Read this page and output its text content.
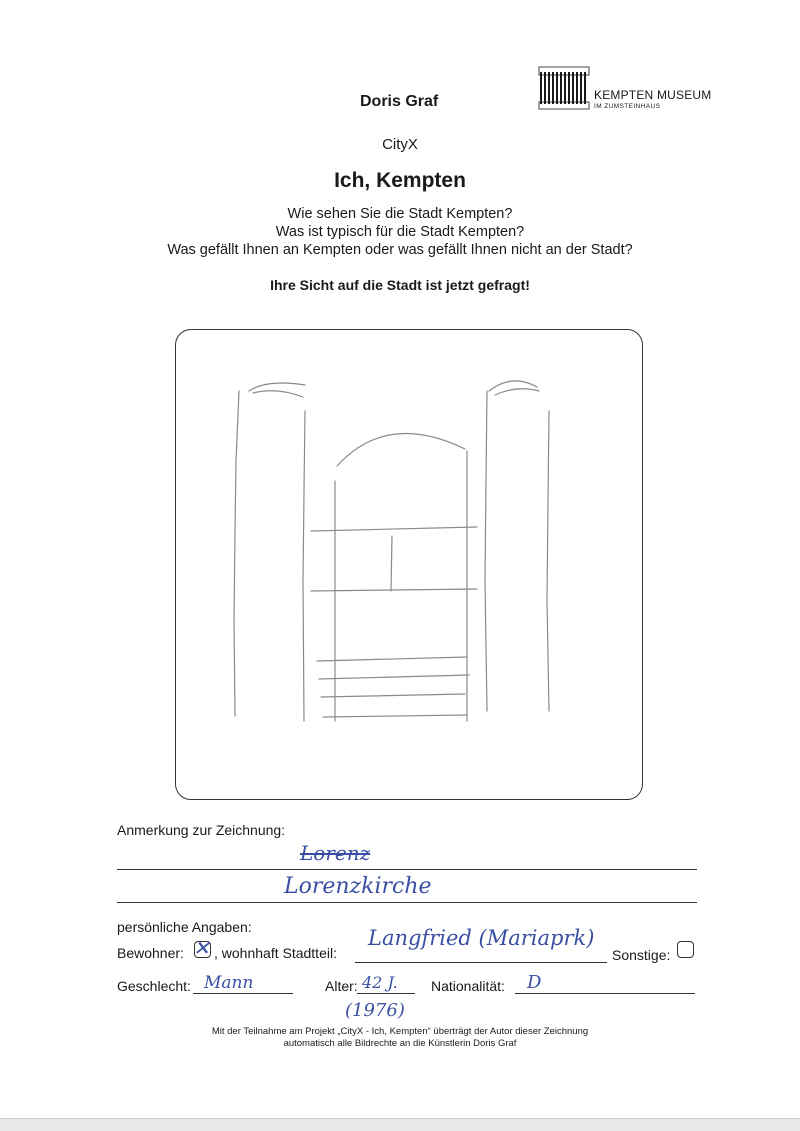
Doris Graf	KEMPTEN MUSEUM
IM ZUMSTEINHAUS
CityX
Ich, Kempten
Wie sehen Sie die Stadt Kempten?
Was ist typisch für die Stadt Kempten?
Was gefällt Ihnen an Kempten oder was gefällt Ihnen nicht an der Stadt?
Ihre Sicht auf die Stadt ist jetzt gefragt!
Anmerkung zur Zeichnung:
Lorenz
Lorenzkirche
persönliche Angaben:
Bewohner: ✕ , wohnhaft Stadtteil:
Langfried (Mariaprk)
Sonstige:
Geschlecht: Mann	Alter: 42 J.
(1976)
Nationalität: D
Mit der Teilnahme am Projekt „CityX - Ich, Kempten“ überträgt der Autor dieser Zeichnung
automatisch alle Bildrechte an die Künstlerin Doris Graf
